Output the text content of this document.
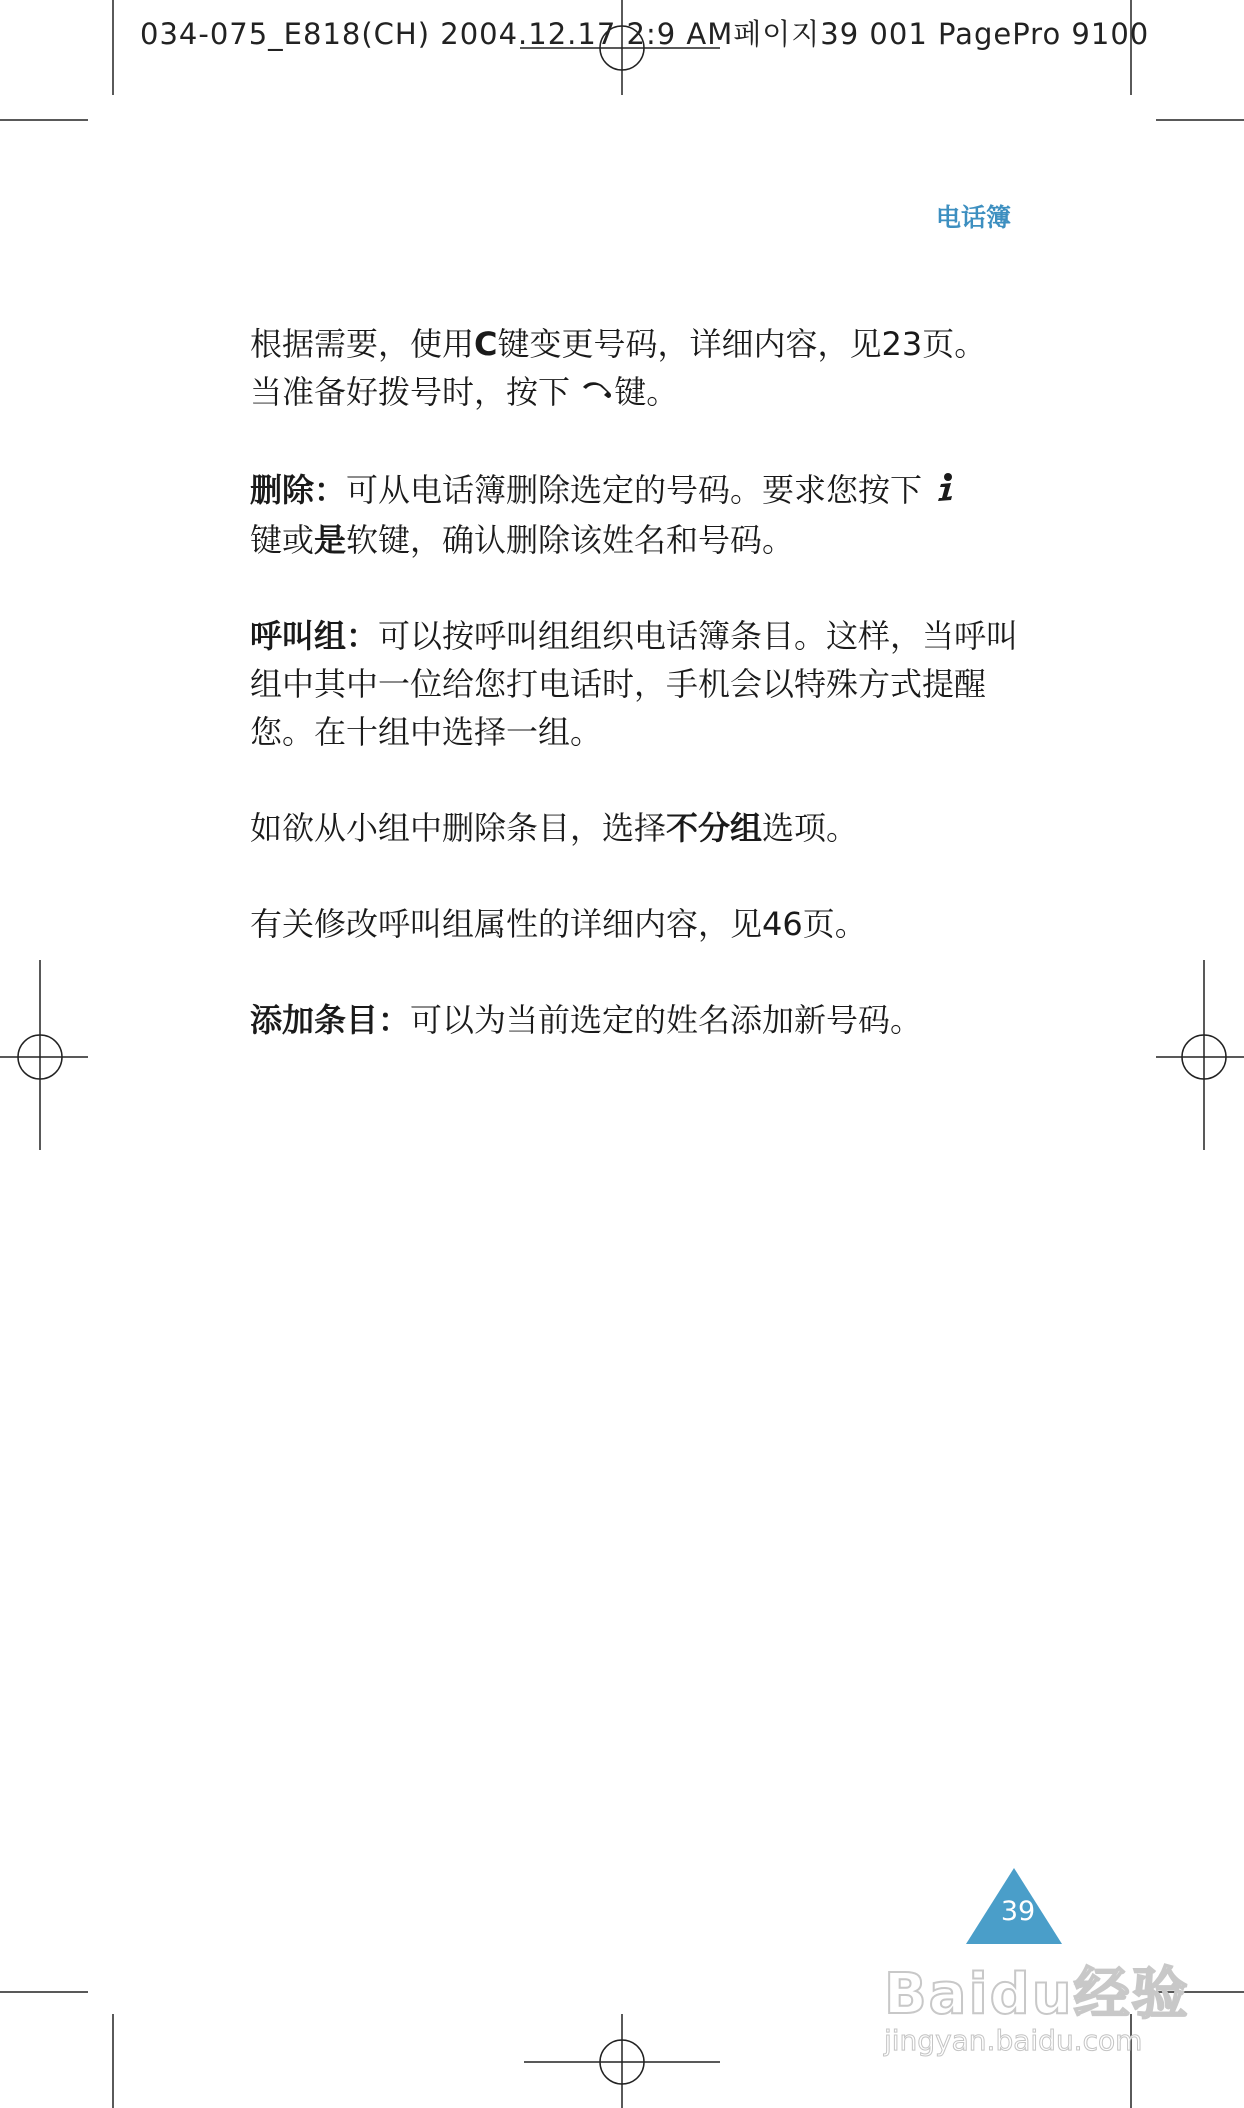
034-075_E818(CH) 2004.12.17 2:9 AM페이지39 001 PagePro 9100
电话簿

根据需要，使用C键变更号码，详细内容，见23页。
当准备好拨号时，按下 键。

删除：可从电话簿删除选定的号码。要求您按下
键或是软键，确认删除该姓名和号码。

呼叫组：可以按呼叫组组织电话簿条目。这样，当呼叫组中其中一位给您打电话时，手机会以特殊方式提醒您。在十组中选择一组。

如欲从小组中删除条目，选择不分组选项。

有关修改呼叫组属性的详细内容，见46页。

添加条目：可以为当前选定的姓名添加新号码。

39
Baidu经验
jingyan.baidu.com
